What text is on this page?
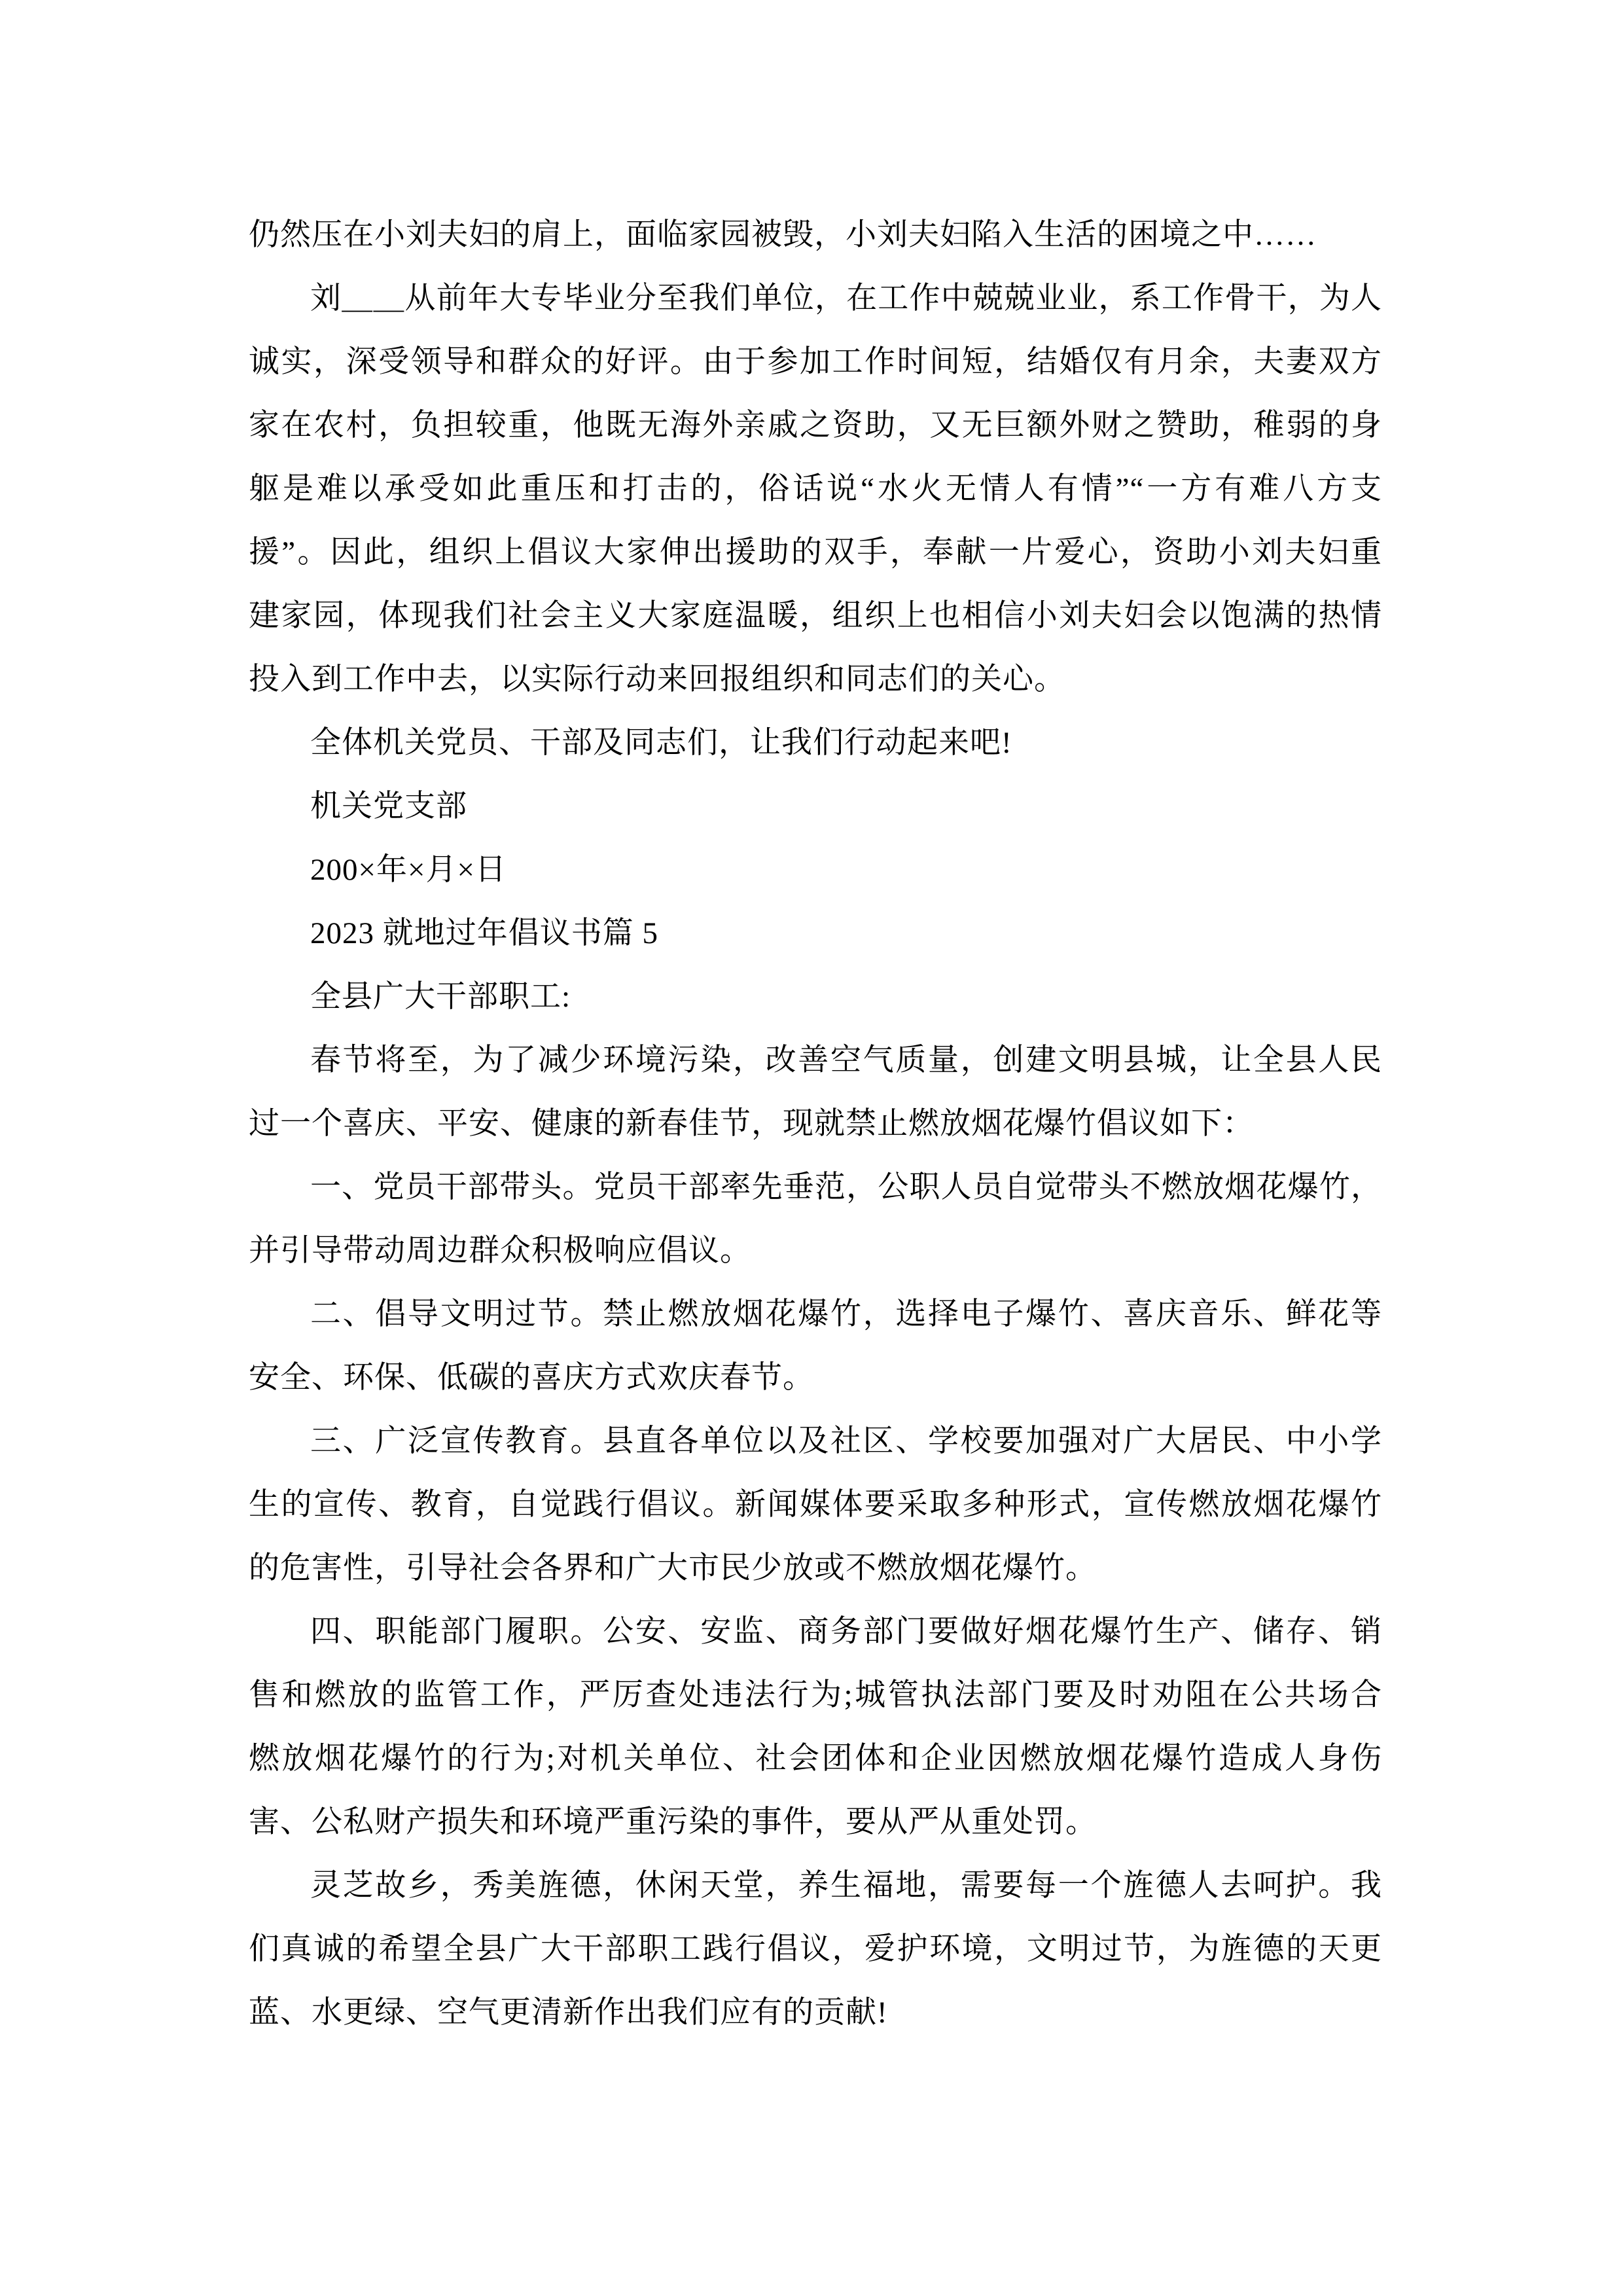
仍然压在小刘夫妇的肩上，面临家园被毁，小刘夫妇陷入生活的困境之中……
刘＿＿从前年大专毕业分至我们单位，在工作中兢兢业业，系工作骨干，为人
诚实，深受领导和群众的好评。由于参加工作时间短，结婚仅有月余，夫妻双方
家在农村，负担较重，他既无海外亲戚之资助，又无巨额外财之赞助，稚弱的身
躯是难以承受如此重压和打击的，俗话说“水火无情人有情”“一方有难八方支
援”。因此，组织上倡议大家伸出援助的双手，奉献一片爱心，资助小刘夫妇重
建家园，体现我们社会主义大家庭温暖，组织上也相信小刘夫妇会以饱满的热情
投入到工作中去，以实际行动来回报组织和同志们的关心。
全体机关党员、干部及同志们，让我们行动起来吧!
机关党支部
200×年×月×日
2023 就地过年倡议书篇 5
全县广大干部职工:
春节将至，为了减少环境污染，改善空气质量，创建文明县城，让全县人民
过一个喜庆、平安、健康的新春佳节，现就禁止燃放烟花爆竹倡议如下：
一、党员干部带头。党员干部率先垂范，公职人员自觉带头不燃放烟花爆竹，
并引导带动周边群众积极响应倡议。
二、倡导文明过节。禁止燃放烟花爆竹，选择电子爆竹、喜庆音乐、鲜花等
安全、环保、低碳的喜庆方式欢庆春节。
三、广泛宣传教育。县直各单位以及社区、学校要加强对广大居民、中小学
生的宣传、教育，自觉践行倡议。新闻媒体要采取多种形式，宣传燃放烟花爆竹
的危害性，引导社会各界和广大市民少放或不燃放烟花爆竹。
四、职能部门履职。公安、安监、商务部门要做好烟花爆竹生产、储存、销
售和燃放的监管工作，严厉查处违法行为;城管执法部门要及时劝阻在公共场合
燃放烟花爆竹的行为;对机关单位、社会团体和企业因燃放烟花爆竹造成人身伤
害、公私财产损失和环境严重污染的事件，要从严从重处罚。
灵芝故乡，秀美旌德，休闲天堂，养生福地，需要每一个旌德人去呵护。我
们真诚的希望全县广大干部职工践行倡议，爱护环境，文明过节，为旌德的天更
蓝、水更绿、空气更清新作出我们应有的贡献!
